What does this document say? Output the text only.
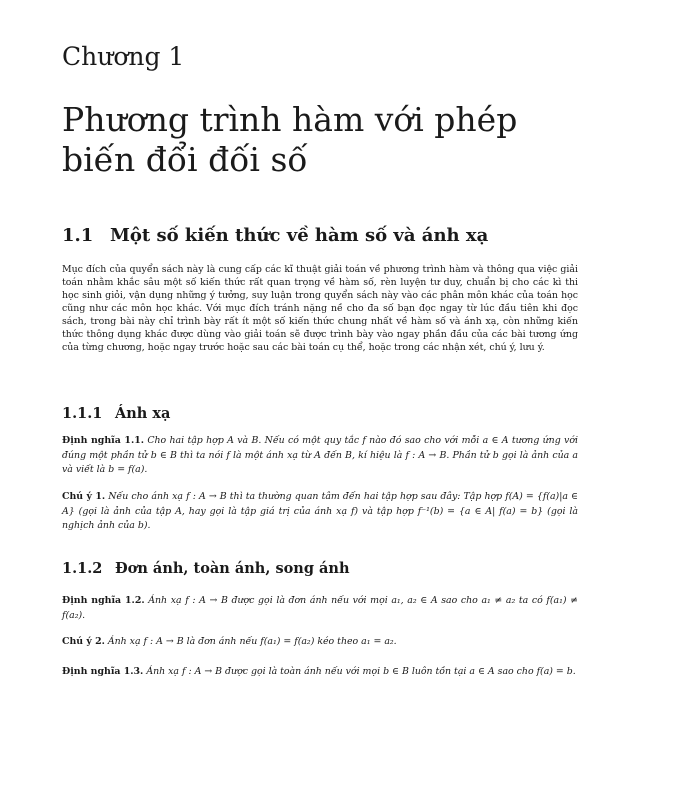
Chương 1
Phương trình hàm với phép biến đổi đối số
1.1 Một số kiến thức về hàm số và ánh xạ
Mục đích của quyển sách này là cung cấp các kĩ thuật giải toán về phương trình hàm và thông qua việc giải toán nhằm khắc sâu một số kiến thức rất quan trọng về hàm số, rèn luyện tư duy, chuẩn bị cho các kì thi học sinh giỏi, vận dụng những ý tưởng, suy luận trong quyển sách này vào các phân môn khác của toán học cũng như các môn học khác. Với mục đích tránh nặng nề cho đa số bạn đọc ngay từ lúc đầu tiên khi đọc sách, trong bài này chỉ trình bày rất ít một số kiến thức chung nhất về hàm số và ánh xạ, còn những kiến thức thông dụng khác được dùng vào giải toán sẽ được trình bày vào ngay phần đầu của các bài tương ứng của từng chương, hoặc ngay trước hoặc sau các bài toán cụ thể, hoặc trong các nhận xét, chú ý, lưu ý.
1.1.1 Ánh xạ
Định nghĩa 1.1. Cho hai tập hợp A và B. Nếu có một quy tắc f nào đó sao cho với mỗi a ∈ A tương ứng với đúng một phần tử b ∈ B thì ta nói f là một ánh xạ từ A đến B, kí hiệu là f : A → B. Phần tử b gọi là ảnh của a và viết là b = f(a).
Chú ý 1. Nếu cho ánh xạ f : A → B thì ta thường quan tâm đến hai tập hợp sau đây: Tập hợp f(A) = {f(a)|a ∈ A} (gọi là ảnh của tập A, hay gọi là tập giá trị của ánh xạ f) và tập hợp f⁻¹(b) = {a ∈ A| f(a) = b} (gọi là nghịch ảnh của b).
1.1.2 Đơn ánh, toàn ánh, song ánh
Định nghĩa 1.2. Ánh xạ f : A → B được gọi là đơn ánh nếu với mọi a₁, a₂ ∈ A sao cho a₁ ≠ a₂ ta có f(a₁) ≠ f(a₂).
Chú ý 2. Ánh xạ f : A → B là đơn ánh nếu f(a₁) = f(a₂) kéo theo a₁ = a₂.
Định nghĩa 1.3. Ánh xạ f : A → B được gọi là toàn ánh nếu với mọi b ∈ B luôn tồn tại a ∈ A sao cho f(a) = b.
